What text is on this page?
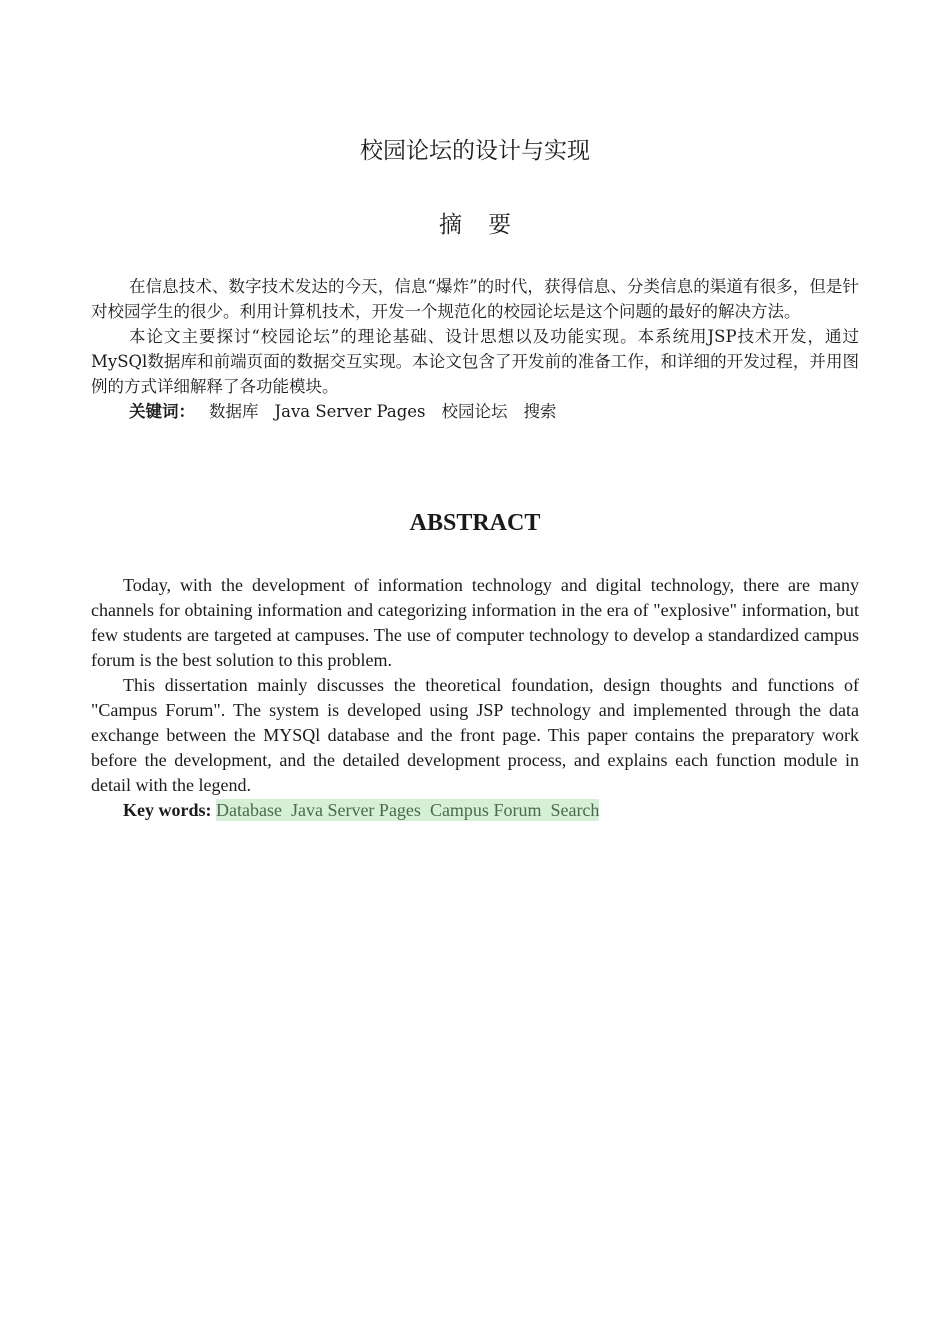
校园论坛的设计与实现
摘要

在信息技术、数字技术发达的今天，信息“爆炸”的时代，获得信息、分类信息的渠道有很多，但是针对校园学生的很少。利用计算机技术，开发一个规范化的校园论坛是这个问题的最好的解决方法。

本论文主要探讨“校园论坛”的理论基础、设计思想以及功能实现。本系统用JSP技术开发，通过MySQl数据库和前端页面的数据交互实现。本论文包含了开发前的准备工作，和详细的开发过程，并用图例的方式详细解释了各功能模块。

关键词： 数据库 Java Server Pages 校园论坛 搜索

ABSTRACT

Today, with the development of information technology and digital technology, there are many channels for obtaining information and categorizing information in the era of "explosive" information, but few students are targeted at campuses. The use of computer technology to develop a standardized campus forum is the best solution to this problem.

This dissertation mainly discusses the theoretical foundation, design thoughts and functions of "Campus Forum". The system is developed using JSP technology and implemented through the data exchange between the MYSQl database and the front page. This paper contains the preparatory work before the development, and the detailed development process, and explains each function module in detail with the legend.

Key words: Database Java Server Pages Campus Forum Search
